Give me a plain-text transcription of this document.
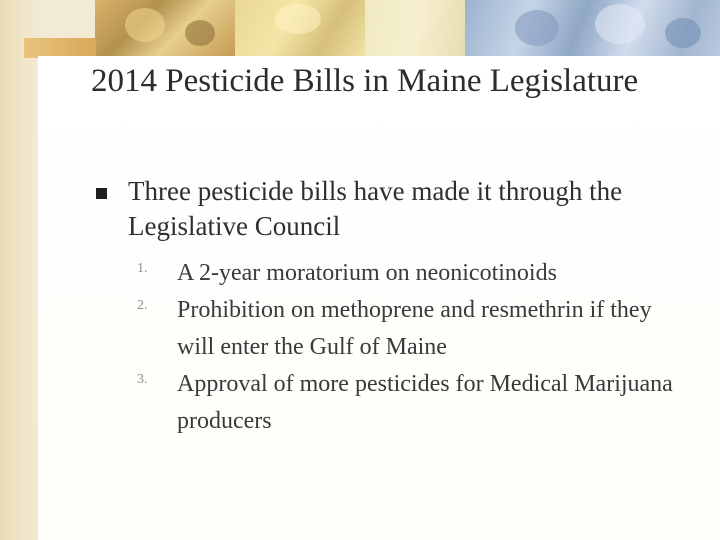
2014 Pesticide Bills in Maine Legislature
Three pesticide bills have made it through the Legislative Council
1.	A 2-year moratorium on neonicotinoids
2.	Prohibition on methoprene and resmethrin if they will enter the Gulf of Maine
3.	Approval of more pesticides for Medical Marijuana producers
